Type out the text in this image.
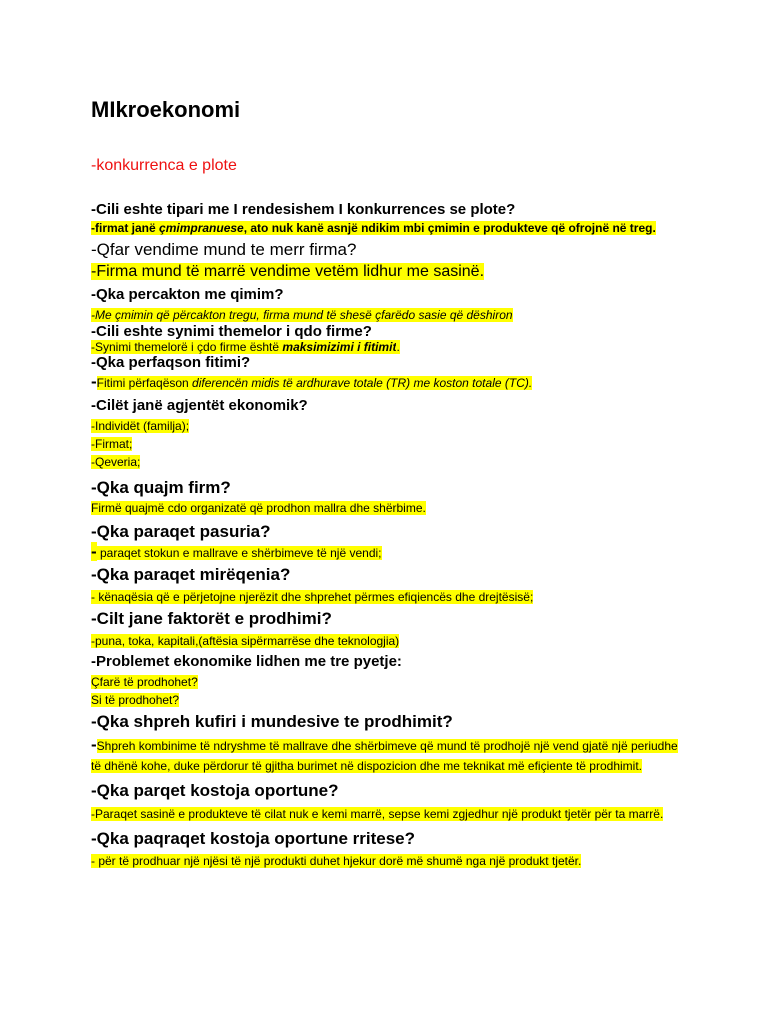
MIkroekonomi
-konkurrenca e plote
-Cili eshte tipari me I rendesishem I konkurrences se plote?
-firmat janë çmimpranuese, ato nuk kanë asnjë ndikim mbi çmimin e produkteve që ofrojnë në treg.
-Qfar vendime mund te merr firma?
-Firma mund të marrë vendime vetëm lidhur me sasinë.
-Qka percakton me qimim?
-Me çmimin që përcakton tregu, firma mund të shesë çfarëdo sasie që dëshiron
-Cili eshte synimi themelor i qdo firme?
-Synimi themelorë i çdo firme është maksimizimi i fitimit.
-Qka perfaqson fitimi?
-Fitimi përfaqëson diferencën midis të ardhurave totale (TR) me koston totale (TC).
-Cilët janë agjentët ekonomik?
-Individët (familja);
-Firmat;
-Qeveria;
-Qka quajm firm?
Firmë quajmë cdo organizatë që prodhon mallra dhe shërbime.
-Qka paraqet pasuria?
- paraqet stokun e mallrave e shërbimeve të një vendi;
-Qka paraqet mirëqenia?
- kënaqësia që e përjetojne njerëzit dhe shprehet përmes efiqiencës dhe drejtësisë;
-Cilt jane faktorët e prodhimi?
-puna, toka, kapitali,(aftësia sipërmarrëse dhe teknologjia)
-Problemet ekonomike lidhen me tre pyetje:
Çfarë të prodhohet?
Si të prodhohet?
-Qka shpreh kufiri i mundesive te prodhimit?
-Shpreh kombinime të ndryshme të mallrave dhe shërbimeve që mund të prodhojë një vend gjatë një periudhe të dhënë kohe, duke përdorur të gjitha burimet në dispozicion dhe me teknikat më efiçiente të prodhimit.
-Qka parqet kostoja oportune?
-Paraqet sasinë e produkteve të cilat nuk e kemi marrë, sepse kemi zgjedhur një produkt tjetër për ta marrë.
-Qka paqraqet kostoja oportune rritese?
- për të prodhuar një njësi të një produkti duhet hjekur dorë më shumë nga një produkt tjetër.
